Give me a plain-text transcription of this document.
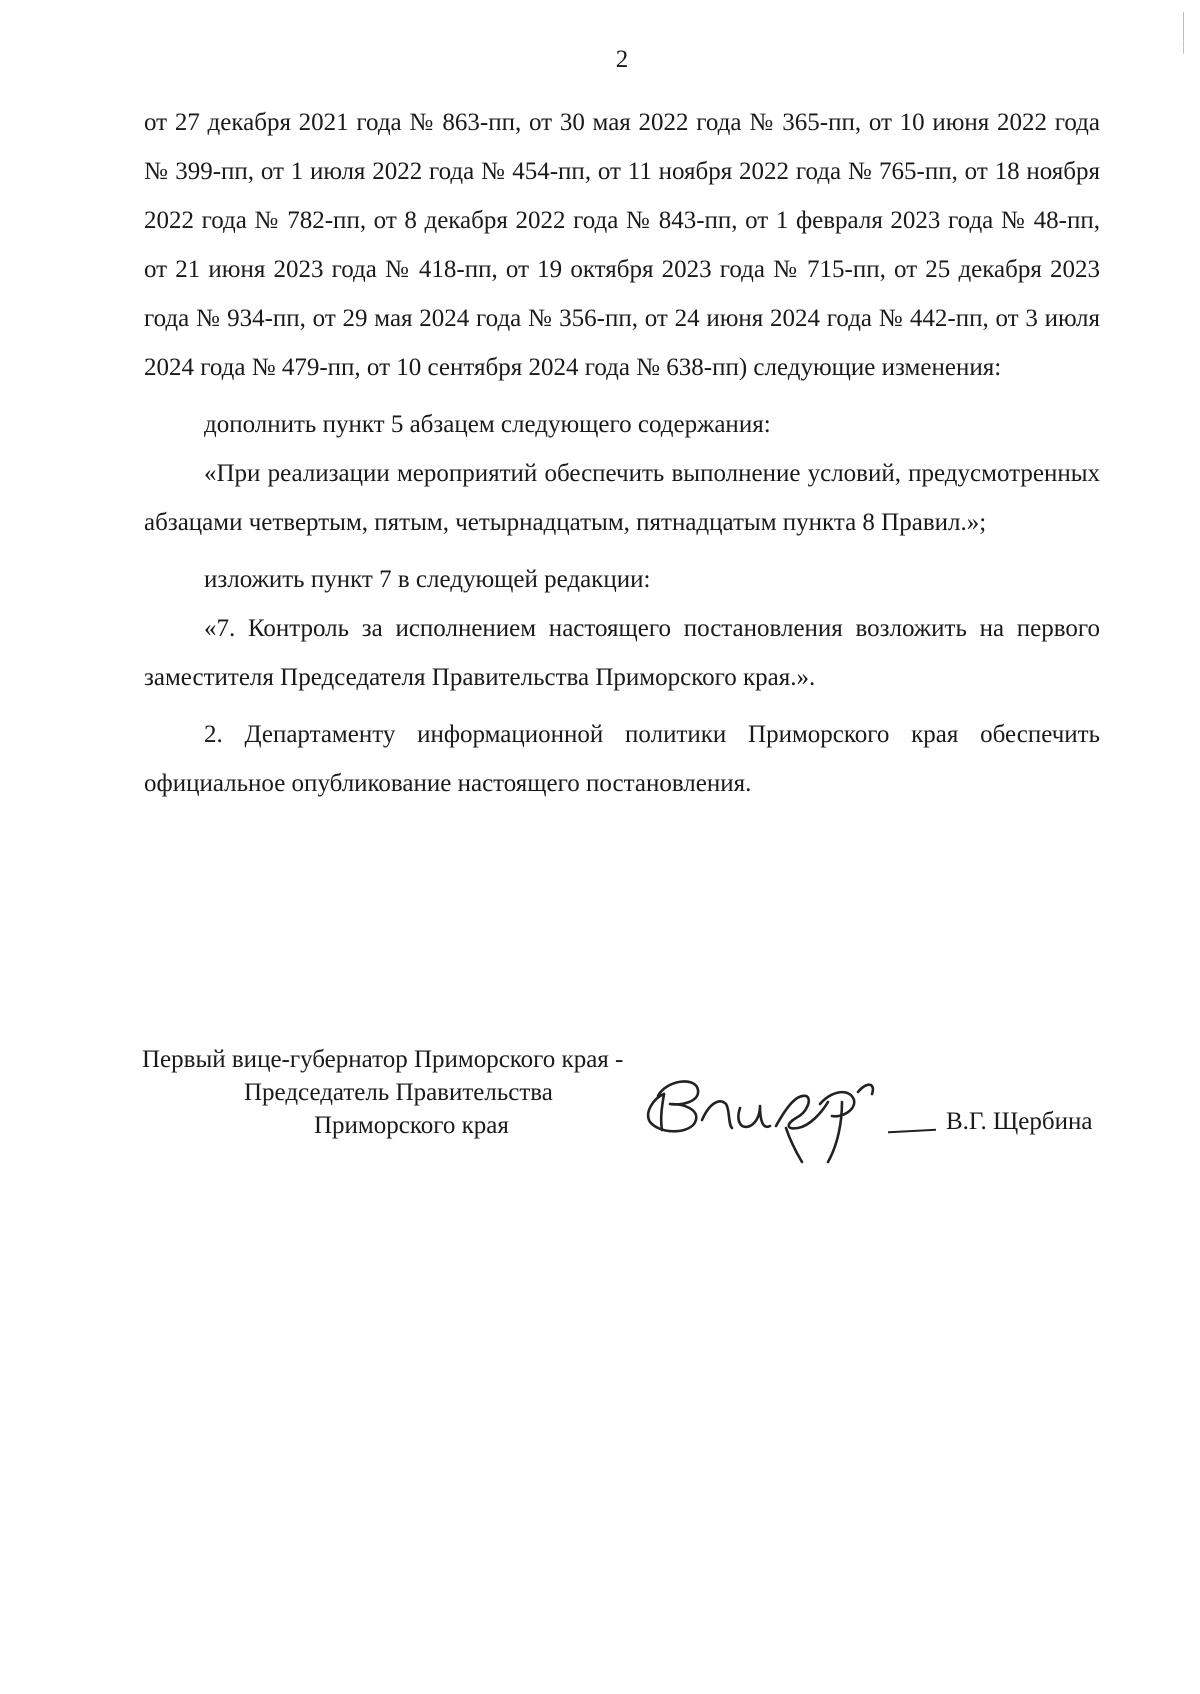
2

от 27 декабря 2021 года № 863-пп, от 30 мая 2022 года № 365-пп, от 10 июня 2022 года № 399-пп, от 1 июля 2022 года № 454-пп, от 11 ноября 2022 года № 765-пп, от 18 ноября 2022 года № 782-пп, от 8 декабря 2022 года № 843-пп, от 1 февраля 2023 года № 48-пп, от 21 июня 2023 года № 418-пп, от 19 октября 2023 года № 715-пп, от 25 декабря 2023 года № 934-пп, от 29 мая 2024 года № 356-пп, от 24 июня 2024 года № 442-пп, от 3 июля 2024 года № 479-пп, от 10 сентября 2024 года № 638-пп) следующие изменения:

дополнить пункт 5 абзацем следующего содержания:

«При реализации мероприятий обеспечить выполнение условий, предусмотренных абзацами четвертым, пятым, четырнадцатым, пятнадцатым пункта 8 Правил.»;

изложить пункт 7 в следующей редакции:

«7. Контроль за исполнением настоящего постановления возложить на первого заместителя Председателя Правительства Приморского края.».

2. Департаменту информационной политики Приморского края обеспечить официальное опубликование настоящего постановления.

Первый вице-губернатор Приморского края -
Председатель Правительства
Приморского края	В.Г. Щербина
